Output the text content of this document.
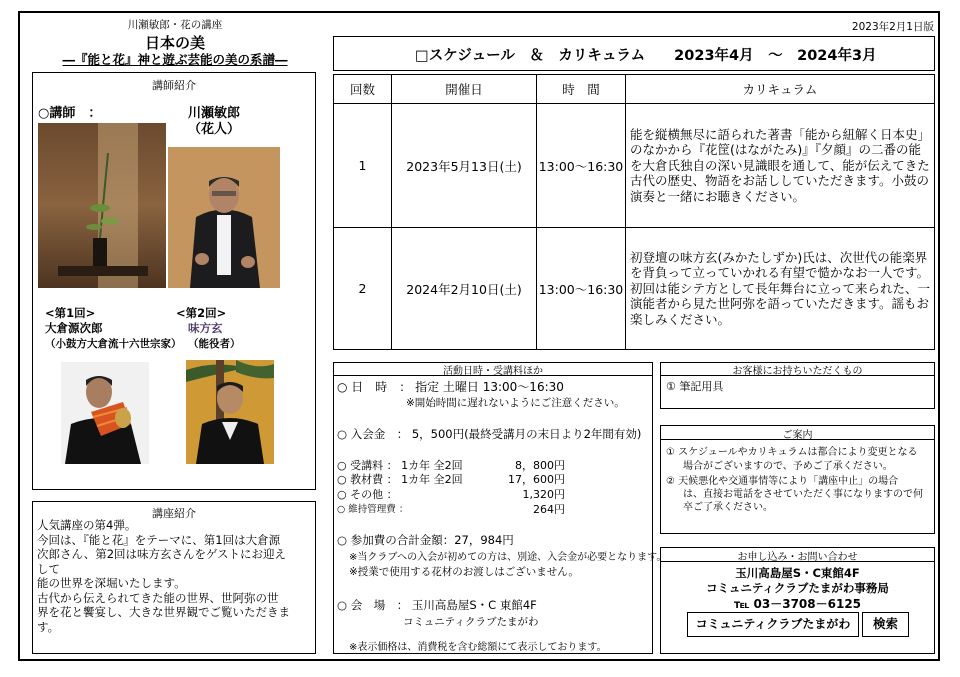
川瀬敏郎・花の講座
日本の美
―『能と花』神と遊ぶ芸能の美の系譜―
2023年2月1日版
講師紹介
○講師　：	川瀬敏郎
（花人）
<第1回>
大倉源次郎
（小鼓方大倉流十六世宗家）
<第2回>
味方玄
（能役者）
講座紹介
人気講座の第4弾。
今回は、『能と花』をテーマに、第1回は大倉源
次郎さん、第2回は味方玄さんをゲストにお迎え
して
能の世界を深堀いたします。
古代から伝えられてきた能の世界、世阿弥の世
界を花と饗宴し、大きな世界観でご覧いただきま
す。
□スケジュール　＆　カリキュラム　　2023年4月　～　2024年3月
回数	開催日	時　間	カリキュラム
1	2023年5月13日(土)	13:00～16:30	能を縦横無尽に語られた著書「能から紐解く日本史」のなかから『花筐(はながたみ)』『夕顔』の二番の能を大倉氏独自の深い見識眼を通して、能が伝えてきた古代の歴史、物語をお話ししていただきます。小鼓の演奏と一緒にお聴きください。
2	2024年2月10日(土)	13:00～16:30	初登壇の味方玄(みかたしずか)氏は、次世代の能楽界を背負って立っていかれる有望で慥かなお一人です。初回は能シテ方として長年舞台に立って来られた、一演能者から見た世阿弥を語っていただきます。謡もお楽しみください。
活動日時・受講料ほか
○ 日　時　： 指定 土曜日 13:00～16:30
※開始時間に遅れないようにご注意ください。
○ 入会金　： 5，500円(最終受講月の末日より2年間有効)
○ 受講料 ： 1カ年 全2回	8，800円
○ 教材費 ： 1カ年 全2回	17，600円
○ その他 ：	1,320円
○ 維持管理費 ：	264円
○ 参加費の合計金額：27，984円
※当クラブへの入会が初めての方は、別途、入会金が必要となります。
※授業で使用する花材のお渡しはございません。
○ 会　場　： 玉川高島屋S・C 東館4F
コミュニティクラブたまがわ
※表示価格は、消費税を含む総額にて表示しております。
お客様にお持ちいただくもの
① 筆記用具
ご案内
① スケジュールやカリキュラムは都合により変更となる
場合がございますので、予めご了承ください。
② 天候悪化や交通事情等により「講座中止」の場合
は、直接お電話をさせていただく事になりますので何
卒ご了承ください。
お申し込み・お問い合わせ
玉川高島屋S・C東館4F
コミュニティクラブたまがわ事務局
℡ 03－3708－6125
コミュニティクラブたまがわ	検索
